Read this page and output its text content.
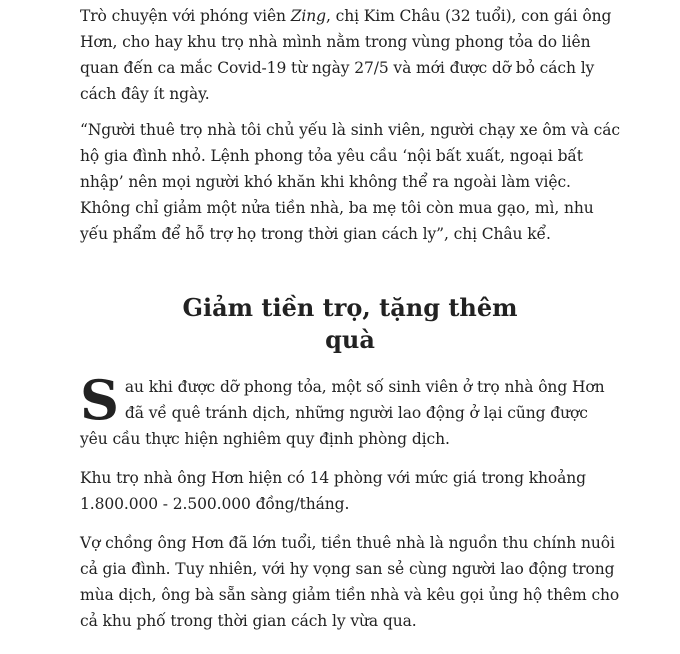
Trò chuyện với phóng viên Zing, chị Kim Châu (32 tuổi), con gái ông Hơn, cho hay khu trọ nhà mình nằm trong vùng phong tỏa do liên quan đến ca mắc Covid-19 từ ngày 27/5 và mới được dỡ bỏ cách ly cách đây ít ngày.

“Người thuê trọ nhà tôi chủ yếu là sinh viên, người chạy xe ôm và các hộ gia đình nhỏ. Lệnh phong tỏa yêu cầu ‘nội bất xuất, ngoại bất nhập’ nên mọi người khó khăn khi không thể ra ngoài làm việc. Không chỉ giảm một nửa tiền nhà, ba mẹ tôi còn mua gạo, mì, nhu yếu phẩm để hỗ trợ họ trong thời gian cách ly”, chị Châu kể.

Giảm tiền trọ, tặng thêm
quà

Sau khi được dỡ phong tỏa, một số sinh viên ở trọ nhà ông Hơn đã về quê tránh dịch, những người lao động ở lại cũng được yêu cầu thực hiện nghiêm quy định phòng dịch.

Khu trọ nhà ông Hơn hiện có 14 phòng với mức giá trong khoảng 1.800.000 - 2.500.000 đồng/tháng.

Vợ chồng ông Hơn đã lớn tuổi, tiền thuê nhà là nguồn thu chính nuôi cả gia đình. Tuy nhiên, với hy vọng san sẻ cùng người lao động trong mùa dịch, ông bà sẵn sàng giảm tiền nhà và kêu gọi ủng hộ thêm cho cả khu phố trong thời gian cách ly vừa qua.
